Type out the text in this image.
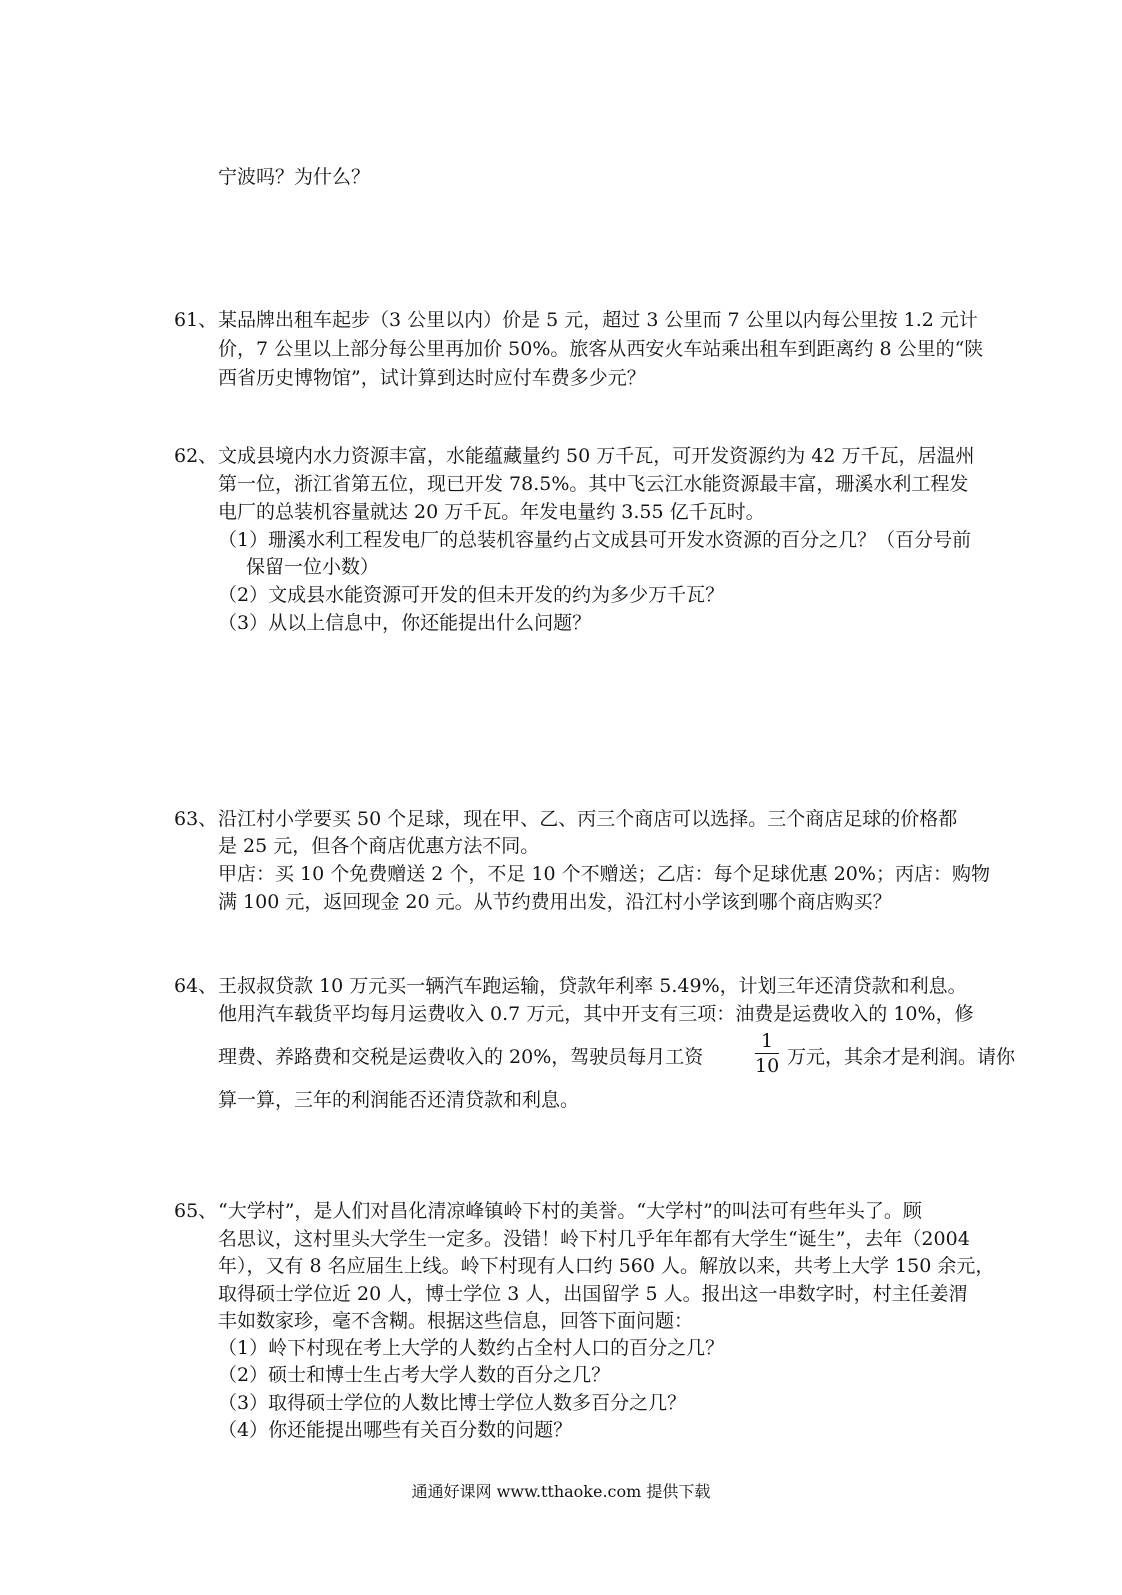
宁波吗？为什么？
61、 某品牌出租车起步（3 公里以内）价是 5 元，超过 3 公里而 7 公里以内每公里按 1.2 元计
价，7 公里以上部分每公里再加价 50%。旅客从西安火车站乘出租车到距离约 8 公里的“陕
西省历史博物馆”，试计算到达时应付车费多少元？
62、 文成县境内水力资源丰富，水能蕴藏量约 50 万千瓦，可开发资源约为 42 万千瓦，居温州
第一位，浙江省第五位，现已开发 78.5%。其中飞云江水能资源最丰富，珊溪水利工程发
电厂的总装机容量就达 20 万千瓦。年发电量约 3.55 亿千瓦时。
（1）珊溪水利工程发电厂的总装机容量约占文成县可开发水资源的百分之几？（百分号前
保留一位小数）
（2）文成县水能资源可开发的但未开发的约为多少万千瓦？
（3）从以上信息中，你还能提出什么问题？
63、 沿江村小学要买 50 个足球，现在甲、乙、丙三个商店可以选择。三个商店足球的价格都
是 25 元，但各个商店优惠方法不同。
甲店：买 10 个免费赠送 2 个，不足 10 个不赠送；乙店：每个足球优惠 20%；丙店：购物
满 100 元，返回现金 20 元。从节约费用出发，沿江村小学该到哪个商店购买？
64、 王叔叔贷款 10 万元买一辆汽车跑运输，贷款年利率 5.49%，计划三年还清贷款和利息。
他用汽车载货平均每月运费收入 0.7 万元，其中开支有三项：油费是运费收入的 10%，修
理费、养路费和交税是运费收入的 20%，驾驶员每月工资
1
10 万元，其余才是利润。请你
算一算，三年的利润能否还清贷款和利息。
65、 “大学村”，是人们对昌化清凉峰镇岭下村的美誉。“大学村”的叫法可有些年头了。顾
名思议，这村里头大学生一定多。没错！岭下村几乎年年都有大学生“诞生”，去年（2004
年），又有 8 名应届生上线。岭下村现有人口约 560 人。解放以来，共考上大学 150 余元，
取得硕士学位近 20 人，博士学位 3 人，出国留学 5 人。报出这一串数字时，村主任姜渭
丰如数家珍，毫不含糊。根据这些信息，回答下面问题：
（1）岭下村现在考上大学的人数约占全村人口的百分之几？
（2）硕士和博士生占考大学人数的百分之几？
（3）取得硕士学位的人数比博士学位人数多百分之几？
（4）你还能提出哪些有关百分数的问题？
通通好课网 www.tthaoke.com 提供下载
